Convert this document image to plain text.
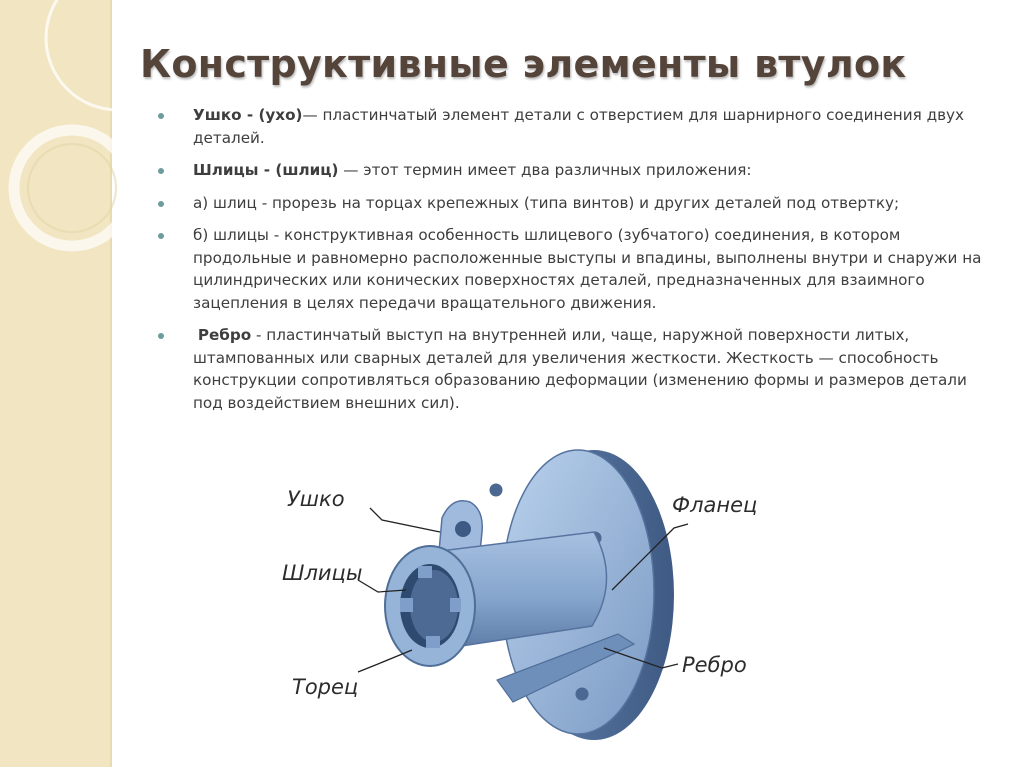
Конструктивные элементы втулок
Ушко - (ухо)— пластинчатый элемент детали с отверстием для шарнирного соединения двух деталей.
Шлицы - (шлиц) — этот термин имеет два различных приложения:
а) шлиц - прорезь на торцах крепежных (типа винтов) и других деталей под отвертку;
б) шлицы - конструктивная особенность шлицевого (зубчатого) соединения, в котором продольные и равномерно расположенные выступы и впадины, выполнены внутри и снаружи на цилиндрических или конических поверхностях деталей, предназначенных для взаимного зацепления в целях передачи вращательного движения.
Ребро - пластинчатый выступ на внутренней или, чаще, наружной поверхности литых, штампованных или сварных деталей для увеличения жесткости. Жесткость — способность конструкции сопротивляться образованию деформации (изменению формы и размеров детали под воздействием внешних сил).
Ушко
Шлицы
Торец
Фланец
Ребро
